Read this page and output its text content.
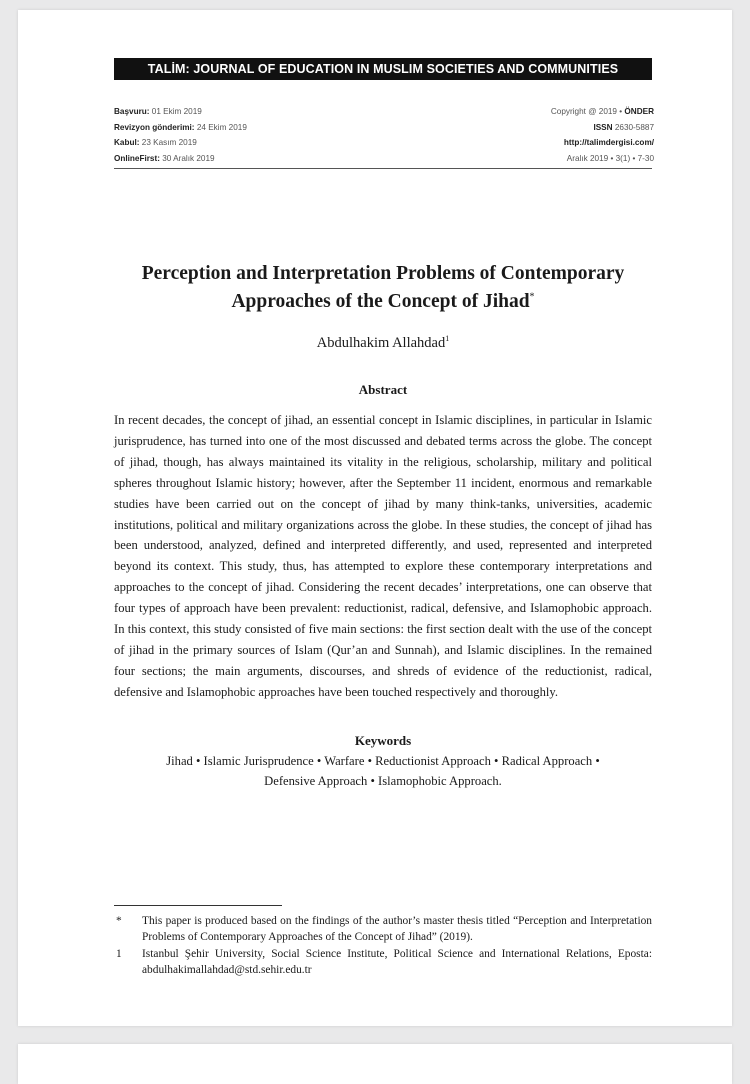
TALİM: JOURNAL OF EDUCATION IN MUSLIM SOCIETIES AND COMMUNITIES
Başvuru: 01 Ekim 2019
Revizyon gönderimi: 24 Ekim 2019
Kabul: 23 Kasım 2019
OnlineFirst: 30 Aralık 2019
Copyright @ 2019 • ÖNDER
ISSN 2630-5887
http://talimdergisi.com/
Aralık 2019 • 3(1) • 7-30
Perception and Interpretation Problems of Contemporary
Approaches of the Concept of Jihad*
Abdulhakim Allahdad$^1$
Abstract
In recent decades, the concept of jihad, an essential concept in Islamic disciplines, in particular in Islamic jurisprudence, has turned into one of the most discussed and debated terms across the globe. The concept of jihad, though, has always maintained its vitality in the religious, scholarship, military and political spheres throughout Islamic history; however, after the September 11 incident, enormous and remarkable studies have been carried out on the concept of jihad by many think-tanks, universities, academic institutions, political and military organizations across the globe. In these studies, the concept of jihad has been understood, analyzed, defined and interpreted differently, and used, represented and interpreted beyond its context. This study, thus, has attempted to explore these contemporary interpretations and approaches to the concept of jihad. Considering the recent decades’ interpretations, one can observe that four types of approach have been prevalent: reductionist, radical, defensive, and Islamophobic approach. In this context, this study consisted of five main sections: the first section dealt with the use of the concept of jihad in the primary sources of Islam (Qur’an and Sunnah), and Islamic disciplines. In the remained four sections; the main arguments, discourses, and shreds of evidence of the reductionist, radical, defensive and Islamophobic approaches have been touched respectively and thoroughly.
Keywords
Jihad • Islamic Jurisprudence • Warfare • Reductionist Approach • Radical Approach •
Defensive Approach • Islamophobic Approach.
*	This paper is produced based on the findings of the author’s master thesis titled “Perception and Interpretation Problems of Contemporary Approaches of the Concept of Jihad” (2019).
1	Istanbul Şehir University, Social Science Institute, Political Science and International Relations, Eposta: abdulhakimallahdad@std.sehir.edu.tr
